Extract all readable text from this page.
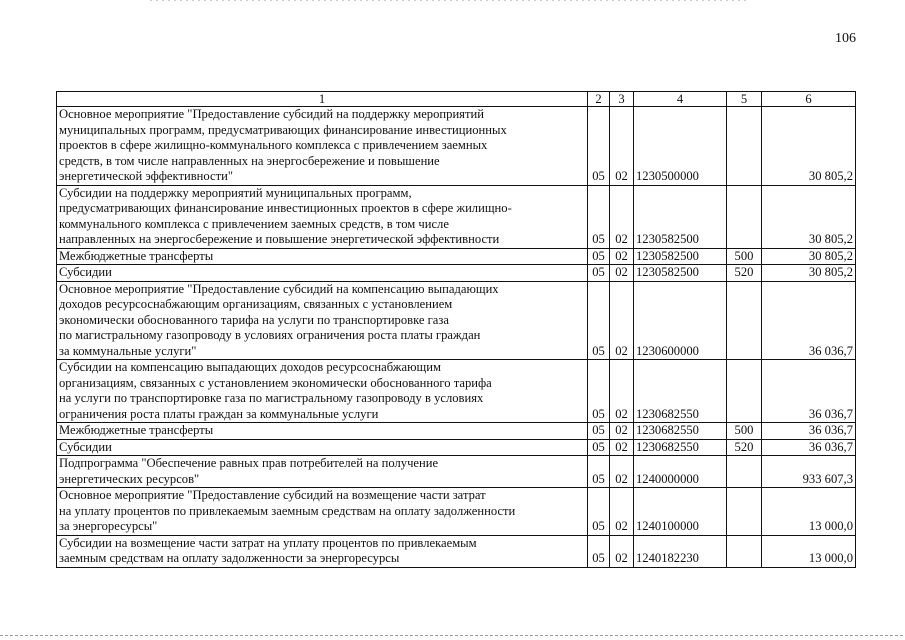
106
1	2	3	4	5	6
Основное мероприятие "Предоставление субсидий на поддержку мероприятий
муниципальных программ, предусматривающих финансирование инвестиционных
проектов в сфере жилищно-коммунального комплекса с привлечением заемных
средств, в том числе направленных на энергосбережение и повышение
энергетической эффективности"	05	02	1230500000		30 805,2
Субсидии на поддержку мероприятий муниципальных программ,
предусматривающих финансирование инвестиционных проектов в сфере жилищно-
коммунального комплекса с привлечением заемных средств, в том числе
направленных на энергосбережение и повышение энергетической эффективности	05	02	1230582500		30 805,2
Межбюджетные трансферты	05	02	1230582500	500	30 805,2
Субсидии	05	02	1230582500	520	30 805,2
Основное мероприятие "Предоставление субсидий на компенсацию выпадающих
доходов ресурсоснабжающим организациям, связанных с установлением
экономически обоснованного тарифа на услуги по транспортировке газа
по магистральному газопроводу в условиях ограничения роста платы граждан
за коммунальные услуги"	05	02	1230600000		36 036,7
Субсидии на компенсацию выпадающих доходов ресурсоснабжающим
организациям, связанных с установлением экономически обоснованного тарифа
на услуги по транспортировке газа по магистральному газопроводу в условиях
ограничения роста платы граждан за коммунальные услуги	05	02	1230682550		36 036,7
Межбюджетные трансферты	05	02	1230682550	500	36 036,7
Субсидии	05	02	1230682550	520	36 036,7
Подпрограмма "Обеспечение равных прав потребителей на получение
энергетических ресурсов"	05	02	1240000000		933 607,3
Основное мероприятие "Предоставление субсидий на возмещение части затрат
на уплату процентов по привлекаемым заемным средствам на оплату задолженности
за энергоресурсы"	05	02	1240100000		13 000,0
Субсидии на возмещение части затрат на уплату процентов по привлекаемым
заемным средствам на оплату задолженности за энергоресурсы	05	02	1240182230		13 000,0
